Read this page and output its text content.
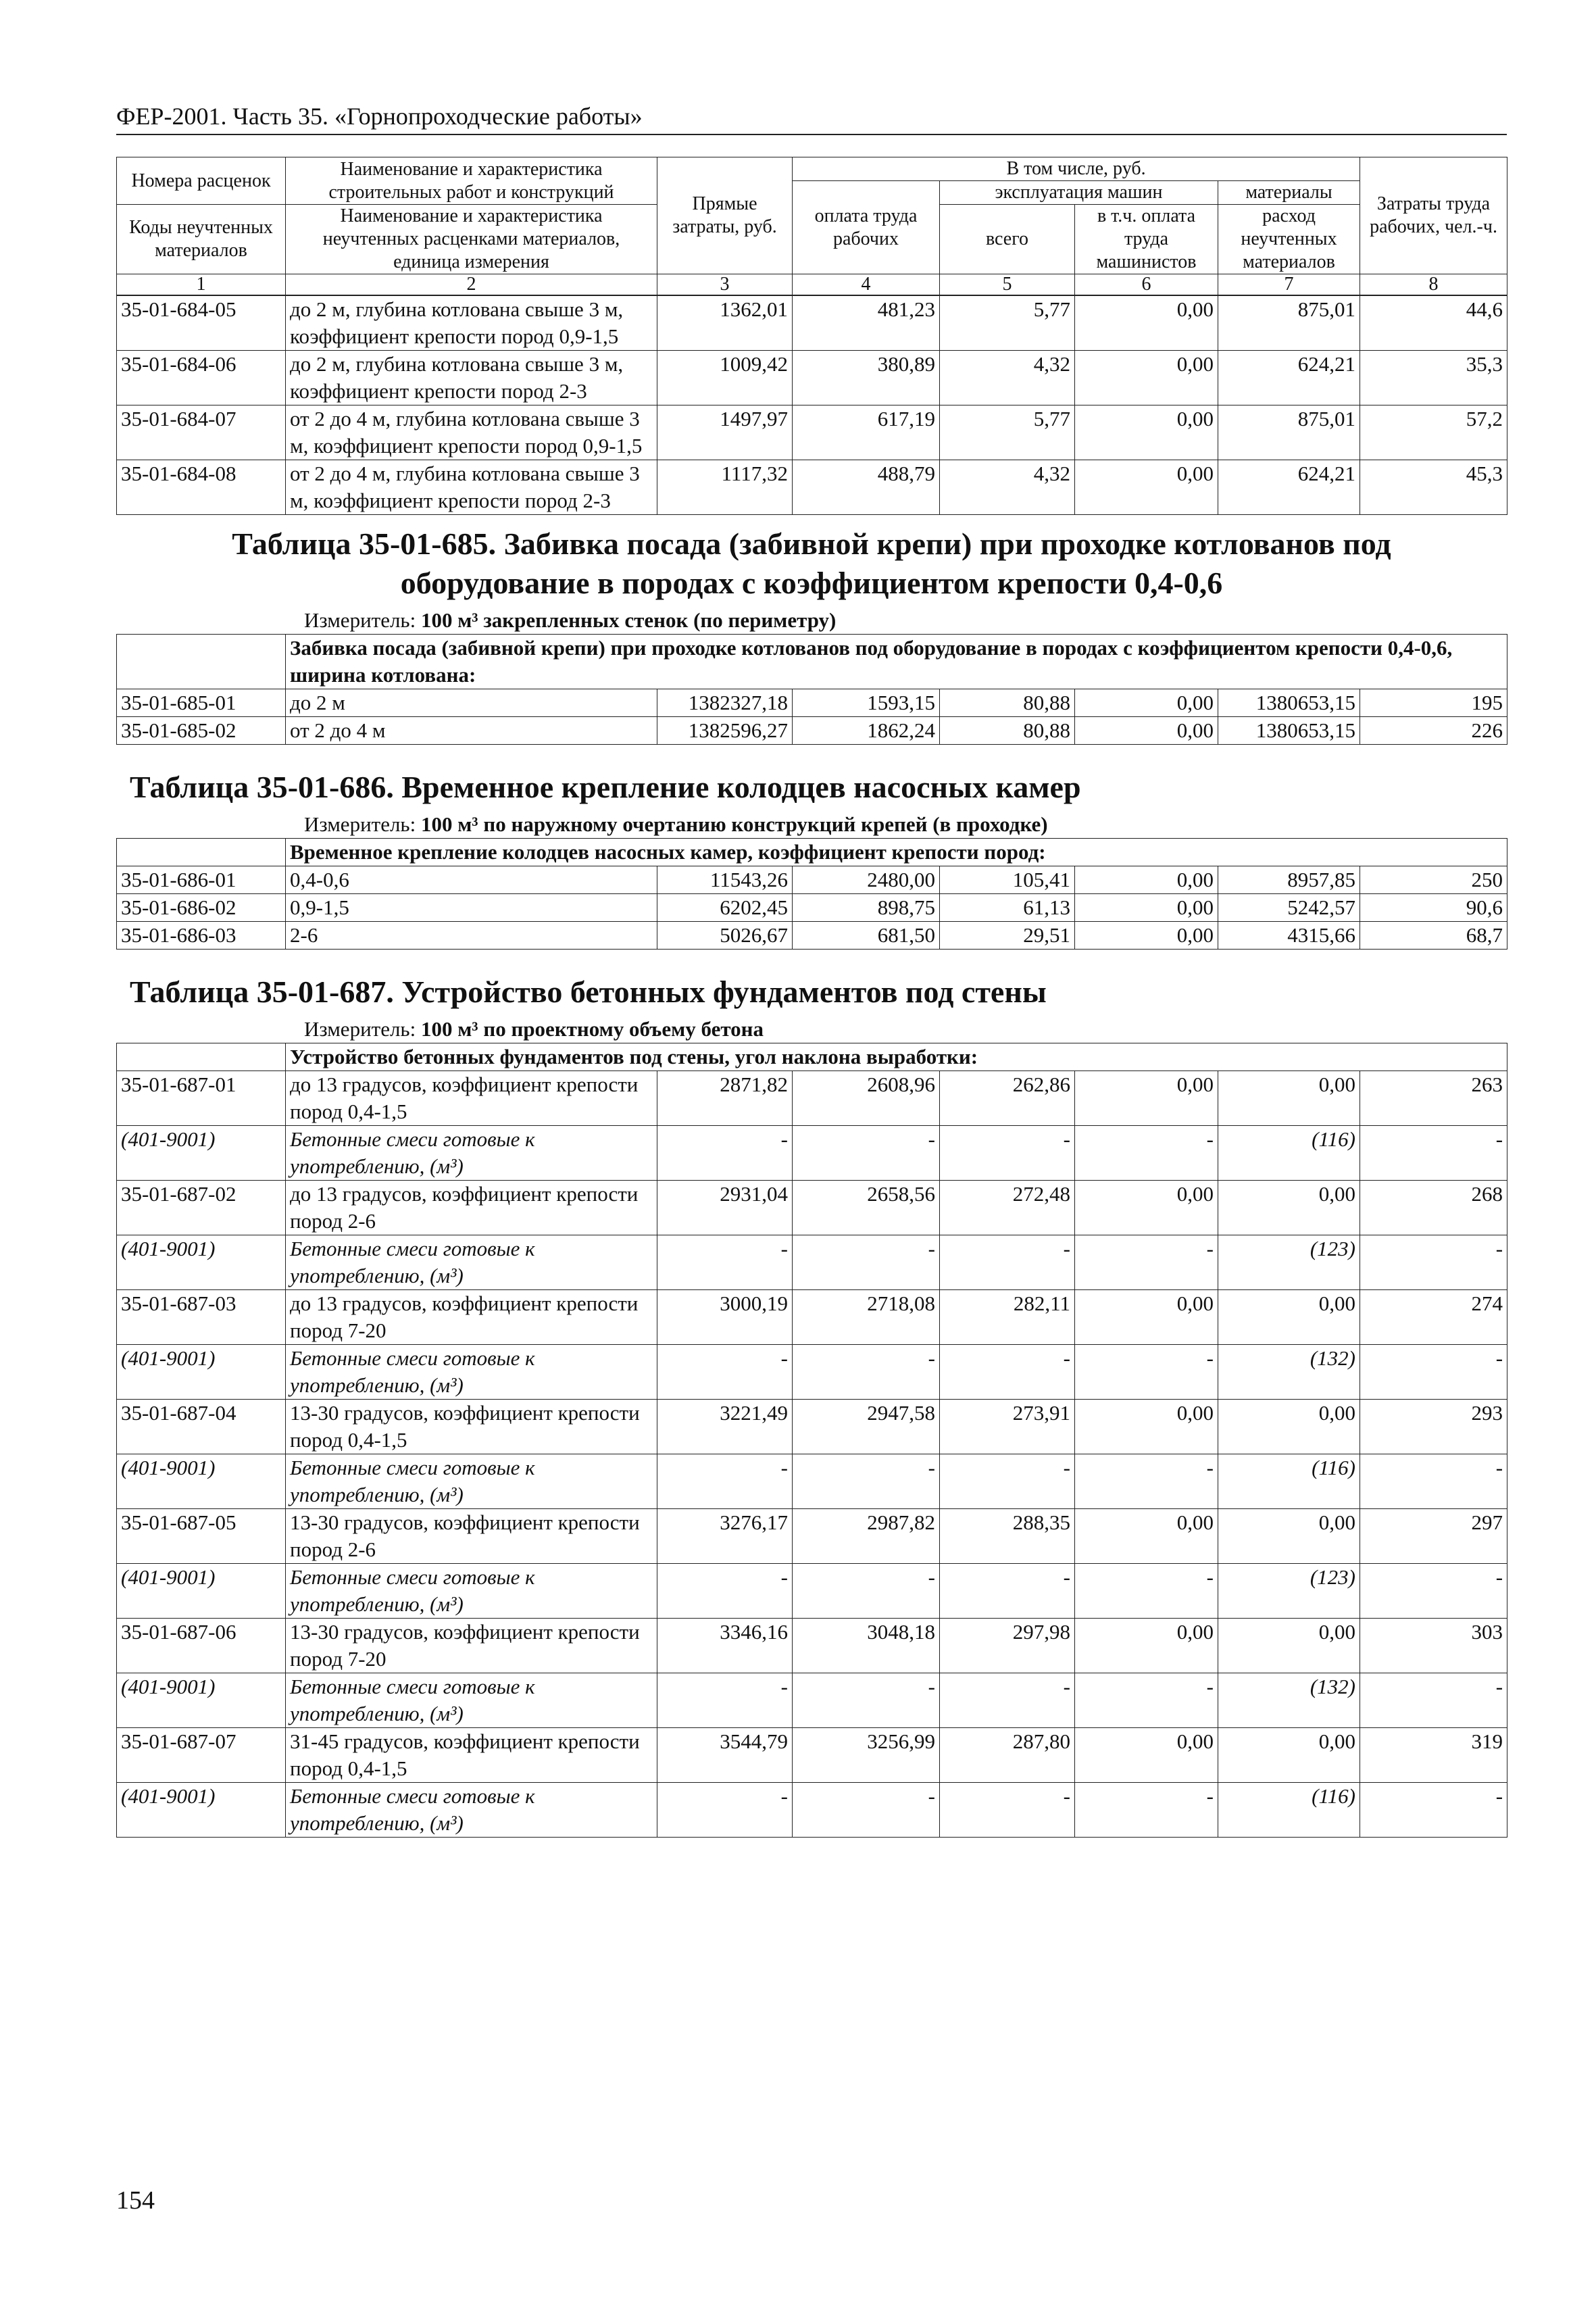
ФЕР-2001. Часть 35. «Горнопроходческие работы»
Номера расценок	Наименование и характеристика строительных работ и конструкций	Прямые затраты, руб.	В том числе, руб.				Затраты труда рабочих, чел.-ч.
			оплата труда рабочих	эксплуатация машин		материалы	
Коды неучтенных материалов	Наименование и характеристика неучтенных расценками материалов, единица измерения			всего	в т.ч. оплата труда машинистов	расход неучтенных материалов	

1	2	3	4	5	6	7	8
35-01-684-05	до 2 м, глубина котлована свыше 3 м, коэффициент крепости пород 0,9-1,5	1362,01	481,23	5,77	0,00	875,01	44,6
35-01-684-06	до 2 м, глубина котлована свыше 3 м, коэффициент крепости пород 2-3	1009,42	380,89	4,32	0,00	624,21	35,3
35-01-684-07	от 2 до 4 м, глубина котлована свыше 3 м, коэффициент крепости пород 0,9-1,5	1497,97	617,19	5,77	0,00	875,01	57,2
35-01-684-08	от 2 до 4 м, глубина котлована свыше 3 м, коэффициент крепости пород 2-3	1117,32	488,79	4,32	0,00	624,21	45,3
Таблица 35-01-685. Забивка посада (забивной крепи) при проходке котлованов под
оборудование в породах с коэффициентом крепости 0,4-0,6
Измеритель: 100 м³ закрепленных стенок (по периметру)
	Забивка посада (забивной крепи) при проходке котлованов под оборудование в породах с коэффициентом крепости 0,4-0,6, ширина котлована:						
35-01-685-01	до 2 м	1382327,18	1593,15	80,88	0,00	1380653,15	195
35-01-685-02	от 2 до 4 м	1382596,27	1862,24	80,88	0,00	1380653,15	226
Таблица 35-01-686. Временное крепление колодцев насосных камер
Измеритель: 100 м³ по наружному очертанию конструкций крепей (в проходке)
	Временное крепление колодцев насосных камер, коэффициент крепости пород:						
35-01-686-01	0,4-0,6	11543,26	2480,00	105,41	0,00	8957,85	250
35-01-686-02	0,9-1,5	6202,45	898,75	61,13	0,00	5242,57	90,6
35-01-686-03	2-6	5026,67	681,50	29,51	0,00	4315,66	68,7
Таблица 35-01-687. Устройство бетонных фундаментов под стены
Измеритель: 100 м³ по проектному объему бетона
	Устройство бетонных фундаментов под стены, угол наклона выработки:						
35-01-687-01	до 13 градусов, коэффициент крепости пород 0,4-1,5	2871,82	2608,96	262,86	0,00	0,00	263
(401-9001)	Бетонные смеси готовые к употреблению, (м³)	-	-	-	-	(116)	-
35-01-687-02	до 13 градусов, коэффициент крепости пород 2-6	2931,04	2658,56	272,48	0,00	0,00	268
(401-9001)	Бетонные смеси готовые к употреблению, (м³)	-	-	-	-	(123)	-
35-01-687-03	до 13 градусов, коэффициент крепости пород 7-20	3000,19	2718,08	282,11	0,00	0,00	274
(401-9001)	Бетонные смеси готовые к употреблению, (м³)	-	-	-	-	(132)	-
35-01-687-04	13-30 градусов, коэффициент крепости пород 0,4-1,5	3221,49	2947,58	273,91	0,00	0,00	293
(401-9001)	Бетонные смеси готовые к употреблению, (м³)	-	-	-	-	(116)	-
35-01-687-05	13-30 градусов, коэффициент крепости пород 2-6	3276,17	2987,82	288,35	0,00	0,00	297
(401-9001)	Бетонные смеси готовые к употреблению, (м³)	-	-	-	-	(123)	-
35-01-687-06	13-30 градусов, коэффициент крепости пород 7-20	3346,16	3048,18	297,98	0,00	0,00	303
(401-9001)	Бетонные смеси готовые к употреблению, (м³)	-	-	-	-	(132)	-
35-01-687-07	31-45 градусов, коэффициент крепости пород 0,4-1,5	3544,79	3256,99	287,80	0,00	0,00	319
(401-9001)	Бетонные смеси готовые к употреблению, (м³)	-	-	-	-	(116)	-
154
